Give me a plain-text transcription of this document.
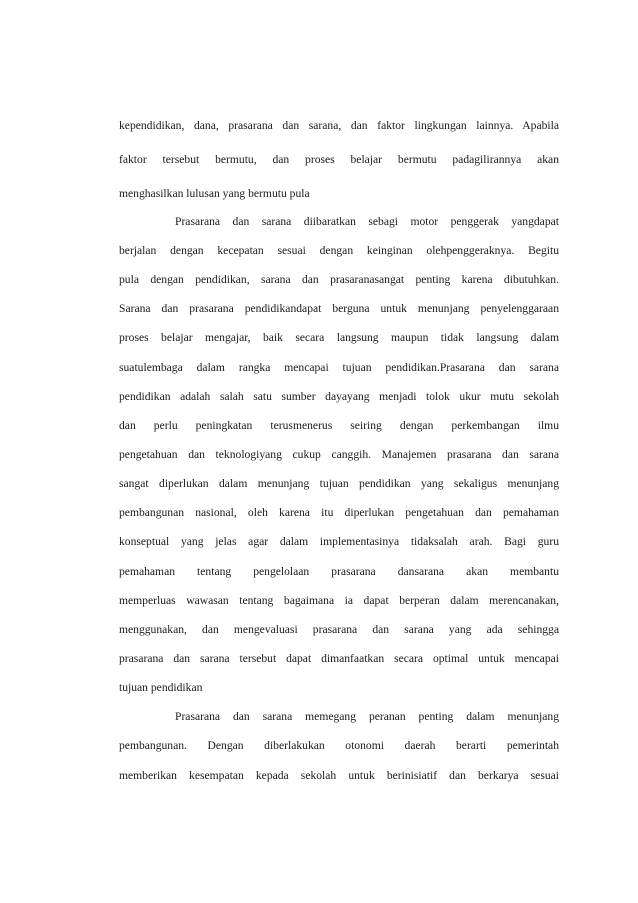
kependidikan, dana, prasarana dan sarana, dan faktor lingkungan lainnya. Apabila
faktor tersebut bermutu, dan proses belajar bermutu padagilirannya akan
menghasilkan lulusan yang bermutu pula
Prasarana dan sarana diibaratkan sebagi motor penggerak yangdapat
berjalan dengan kecepatan sesuai dengan keinginan olehpenggeraknya. Begitu
pula dengan pendidikan, sarana dan prasaranasangat penting karena dibutuhkan.
Sarana dan prasarana pendidikandapat berguna untuk menunjang penyelenggaraan
proses belajar mengajar, baik secara langsung maupun tidak langsung dalam
suatulembaga dalam rangka mencapai tujuan pendidikan.Prasarana dan sarana
pendidikan adalah salah satu sumber dayayang menjadi tolok ukur mutu sekolah
dan perlu peningkatan terusmenerus seiring dengan perkembangan ilmu
pengetahuan dan teknologiyang cukup canggih. Manajemen prasarana dan sarana
sangat diperlukan dalam menunjang tujuan pendidikan yang sekaligus menunjang
pembangunan nasional, oleh karena itu diperlukan pengetahuan dan pemahaman
konseptual yang jelas agar dalam implementasinya tidaksalah arah. Bagi guru
pemahaman tentang pengelolaan prasarana dansarana akan membantu
memperluas wawasan tentang bagaimana ia dapat berperan dalam merencanakan,
menggunakan, dan mengevaluasi prasarana dan sarana yang ada sehingga
prasarana dan sarana tersebut dapat dimanfaatkan secara optimal untuk mencapai
tujuan pendidikan
Prasarana dan sarana memegang peranan penting dalam menunjang
pembangunan. Dengan diberlakukan otonomi daerah berarti pemerintah
memberikan kesempatan kepada sekolah untuk berinisiatif dan berkarya sesuai
